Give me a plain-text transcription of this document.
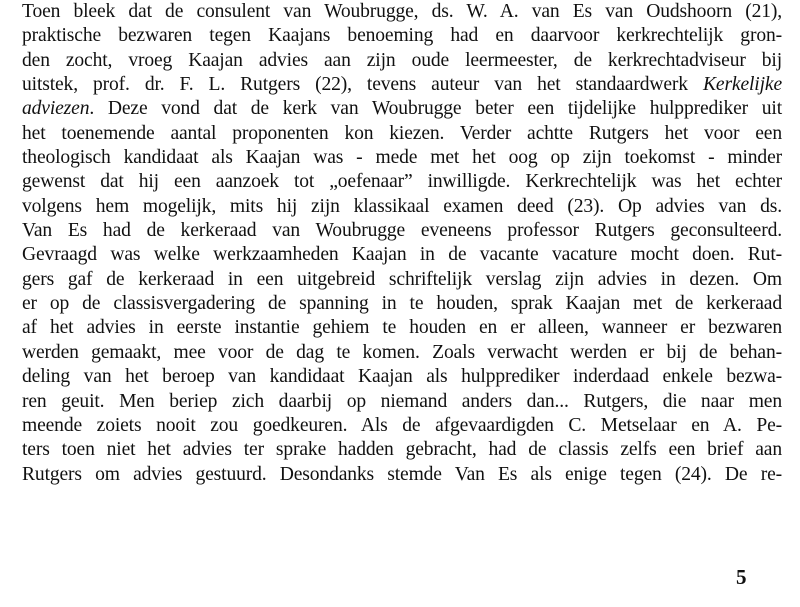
Toen bleek dat de consulent van Woubrugge, ds. W. A. van Es van Oudshoorn (21),
praktische bezwaren tegen Kaajans benoeming had en daarvoor kerkrechtelijk gron-
den zocht, vroeg Kaajan advies aan zijn oude leermeester, de kerkrechtadviseur bij
uitstek, prof. dr. F. L. Rutgers (22), tevens auteur van het standaardwerk Kerkelijke
adviezen. Deze vond dat de kerk van Woubrugge beter een tijdelijke hulpprediker uit
het toenemende aantal proponenten kon kiezen. Verder achtte Rutgers het voor een
theologisch kandidaat als Kaajan was - mede met het oog op zijn toekomst - minder
gewenst dat hij een aanzoek tot „oefenaar” inwilligde. Kerkrechtelijk was het echter
volgens hem mogelijk, mits hij zijn klassikaal examen deed (23). Op advies van ds.
Van Es had de kerkeraad van Woubrugge eveneens professor Rutgers geconsulteerd.
Gevraagd was welke werkzaamheden Kaajan in de vacante vacature mocht doen. Rut-
gers gaf de kerkeraad in een uitgebreid schriftelijk verslag zijn advies in dezen. Om
er op de classisvergadering de spanning in te houden, sprak Kaajan met de kerkeraad
af het advies in eerste instantie gehiem te houden en er alleen, wanneer er bezwaren
werden gemaakt, mee voor de dag te komen. Zoals verwacht werden er bij de behan-
deling van het beroep van kandidaat Kaajan als hulpprediker inderdaad enkele bezwa-
ren geuit. Men beriep zich daarbij op niemand anders dan... Rutgers, die naar men
meende zoiets nooit zou goedkeuren. Als de afgevaardigden C. Metselaar en A. Pe-
ters toen niet het advies ter sprake hadden gebracht, had de classis zelfs een brief aan
Rutgers om advies gestuurd. Desondanks stemde Van Es als enige tegen (24). De re-
5
